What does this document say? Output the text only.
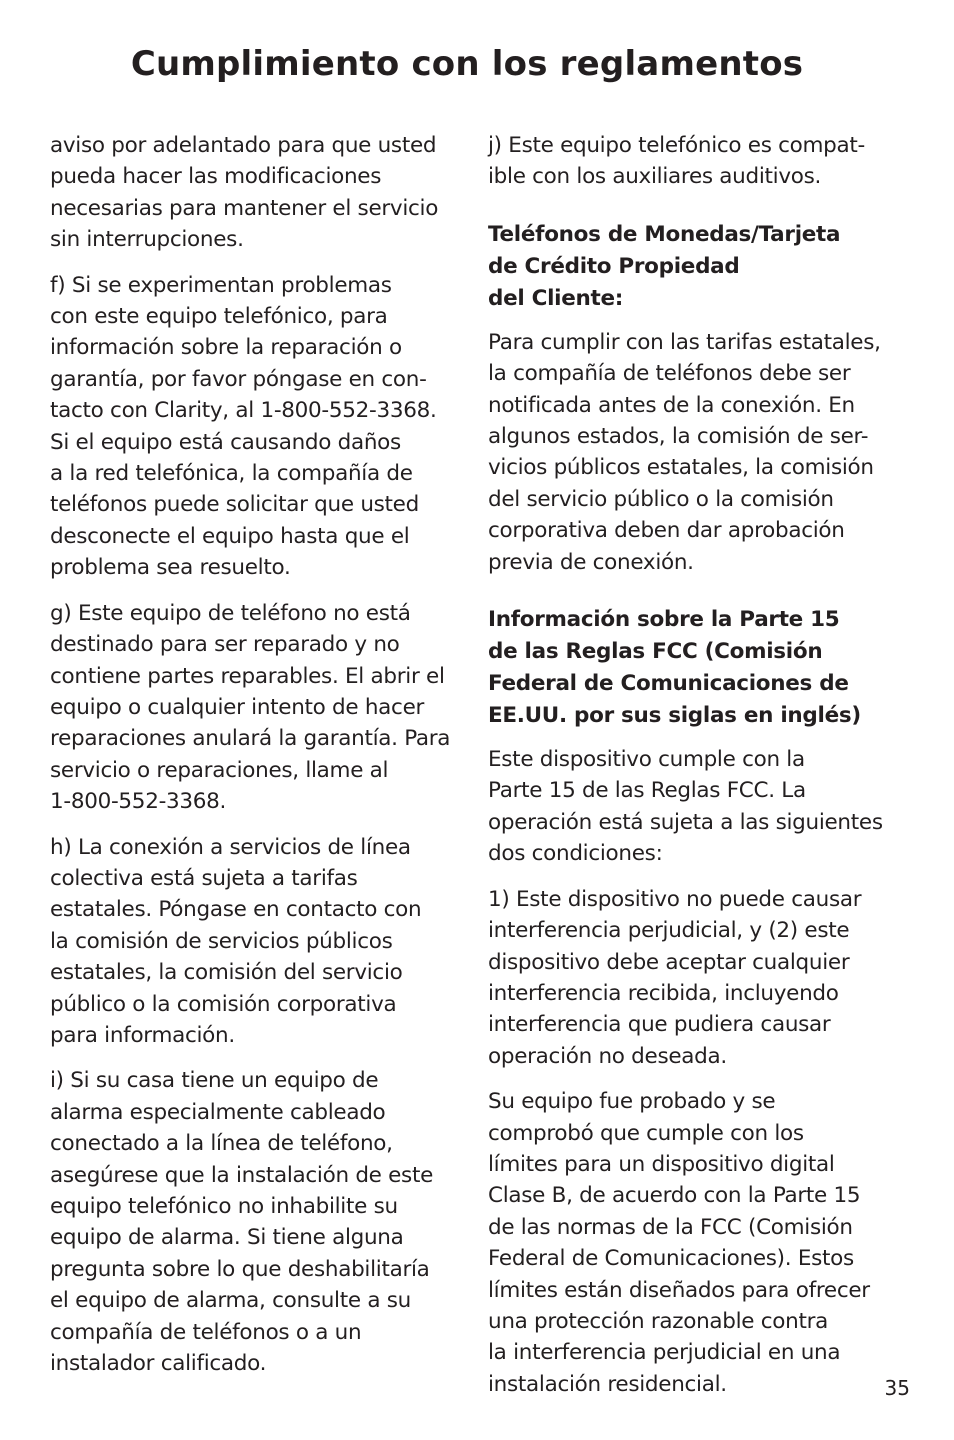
Cumplimiento con los reglamentos

aviso por adelantado para que usted
pueda hacer las modificaciones
necesarias para mantener el servicio
sin interrupciones.

f) Si se experimentan problemas
con este equipo telefónico, para
información sobre la reparación o
garantía, por favor póngase en con-
tacto con Clarity, al 1-800-552-3368.
Si el equipo está causando daños
a la red telefónica, la compañía de
teléfonos puede solicitar que usted
desconecte el equipo hasta que el
problema sea resuelto.

g) Este equipo de teléfono no está
destinado para ser reparado y no
contiene partes reparables. El abrir el
equipo o cualquier intento de hacer
reparaciones anulará la garantía. Para
servicio o reparaciones, llame al
1-800-552-3368.

h) La conexión a servicios de línea
colectiva está sujeta a tarifas
estatales. Póngase en contacto con
la comisión de servicios públicos
estatales, la comisión del servicio
público o la comisión corporativa
para información.

i) Si su casa tiene un equipo de
alarma especialmente cableado
conectado a la línea de teléfono,
asegúrese que la instalación de este
equipo telefónico no inhabilite su
equipo de alarma. Si tiene alguna
pregunta sobre lo que deshabilitaría
el equipo de alarma, consulte a su
compañía de teléfonos o a un
instalador calificado.

j) Este equipo telefónico es compat-
ible con los auxiliares auditivos.

Teléfonos de Monedas/Tarjeta
de Crédito Propiedad
del Cliente:

Para cumplir con las tarifas estatales,
la compañía de teléfonos debe ser
notificada antes de la conexión. En
algunos estados, la comisión de ser-
vicios públicos estatales, la comisión
del servicio público o la comisión
corporativa deben dar aprobación
previa de conexión.

Información sobre la Parte 15
de las Reglas FCC (Comisión
Federal de Comunicaciones de
EE.UU. por sus siglas en inglés)

Este dispositivo cumple con la
Parte 15 de las Reglas FCC. La
operación está sujeta a las siguientes
dos condiciones:

1) Este dispositivo no puede causar
interferencia perjudicial, y (2) este
dispositivo debe aceptar cualquier
interferencia recibida, incluyendo
interferencia que pudiera causar
operación no deseada.

Su equipo fue probado y se
comprobó que cumple con los
límites para un dispositivo digital
Clase B, de acuerdo con la Parte 15
de las normas de la FCC (Comisión
Federal de Comunicaciones). Estos
límites están diseñados para ofrecer
una protección razonable contra
la interferencia perjudicial en una
instalación residencial.	35
